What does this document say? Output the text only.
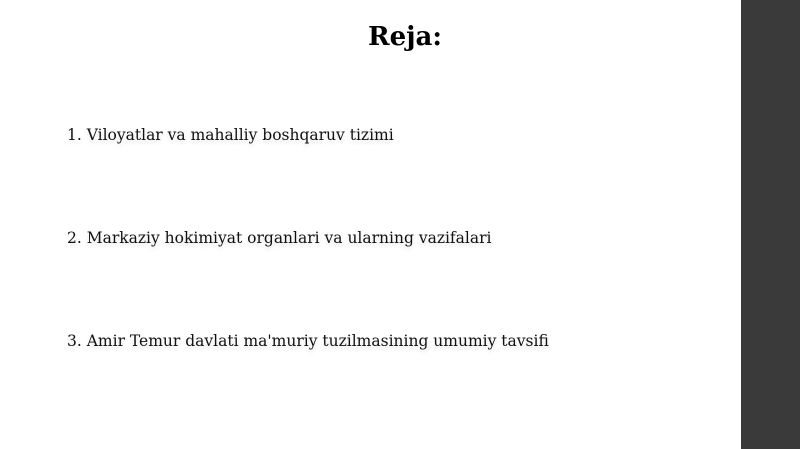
Reja:
1. Viloyatlar va mahalliy boshqaruv tizimi
2. Markaziy hokimiyat organlari va ularning vazifalari
3. Amir Temur davlati ma'muriy tuzilmasining umumiy tavsifi
